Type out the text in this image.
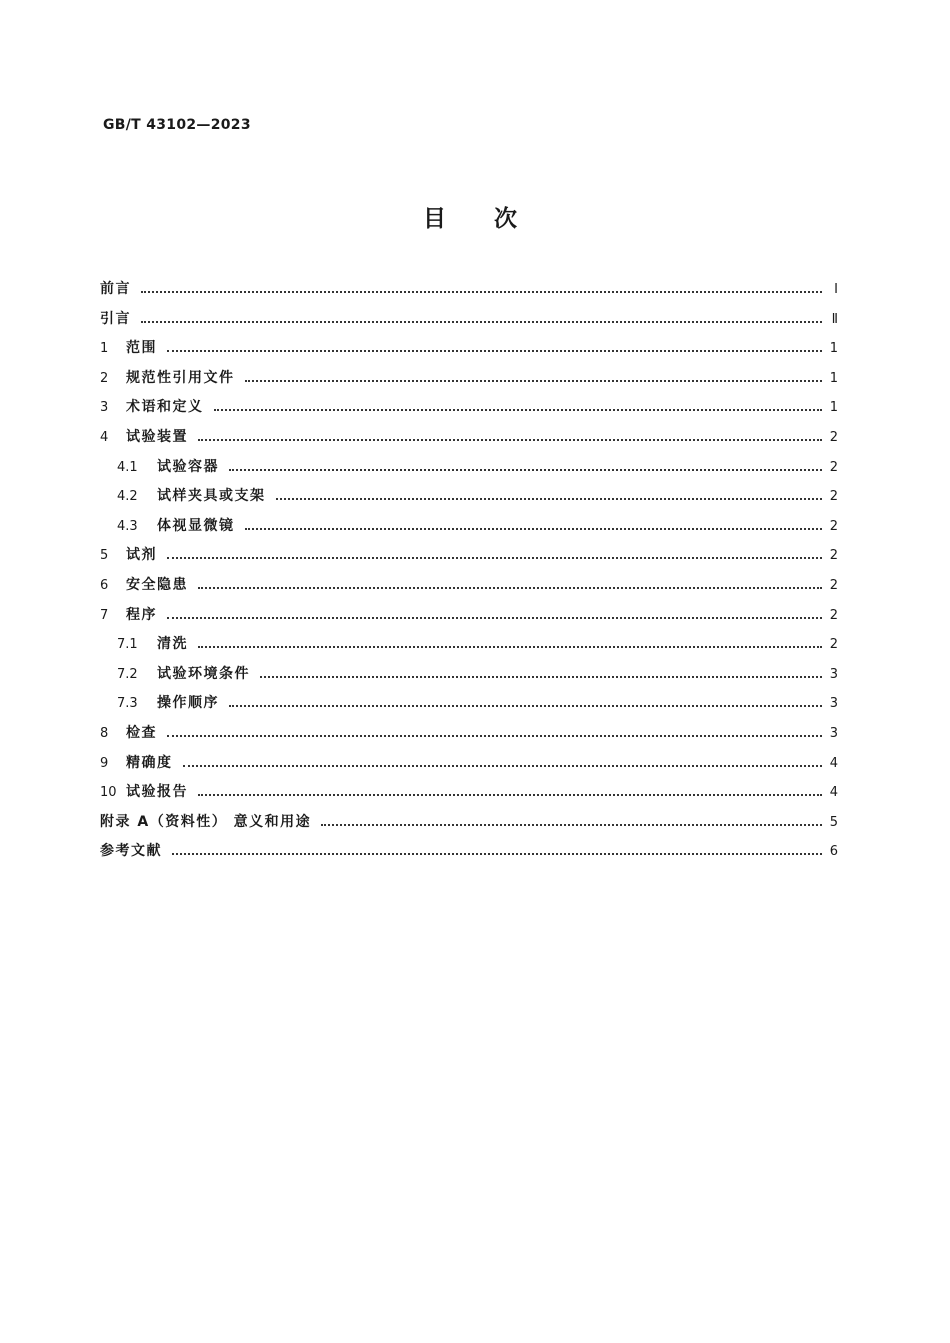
GB/T 43102—2023
目次
前言	Ⅰ
引言	Ⅱ
1	范围	1
2	规范性引用文件	1
3	术语和定义	1
4	试验装置	2
4.1	试验容器	2
4.2	试样夹具或支架	2
4.3	体视显微镜	2
5	试剂	2
6	安全隐患	2
7	程序	2
7.1	清洗	2
7.2	试验环境条件	3
7.3	操作顺序	3
8	检查	3
9	精确度	4
10 试验报告	4
附录 A（资料性） 意义和用途	5
参考文献	6
